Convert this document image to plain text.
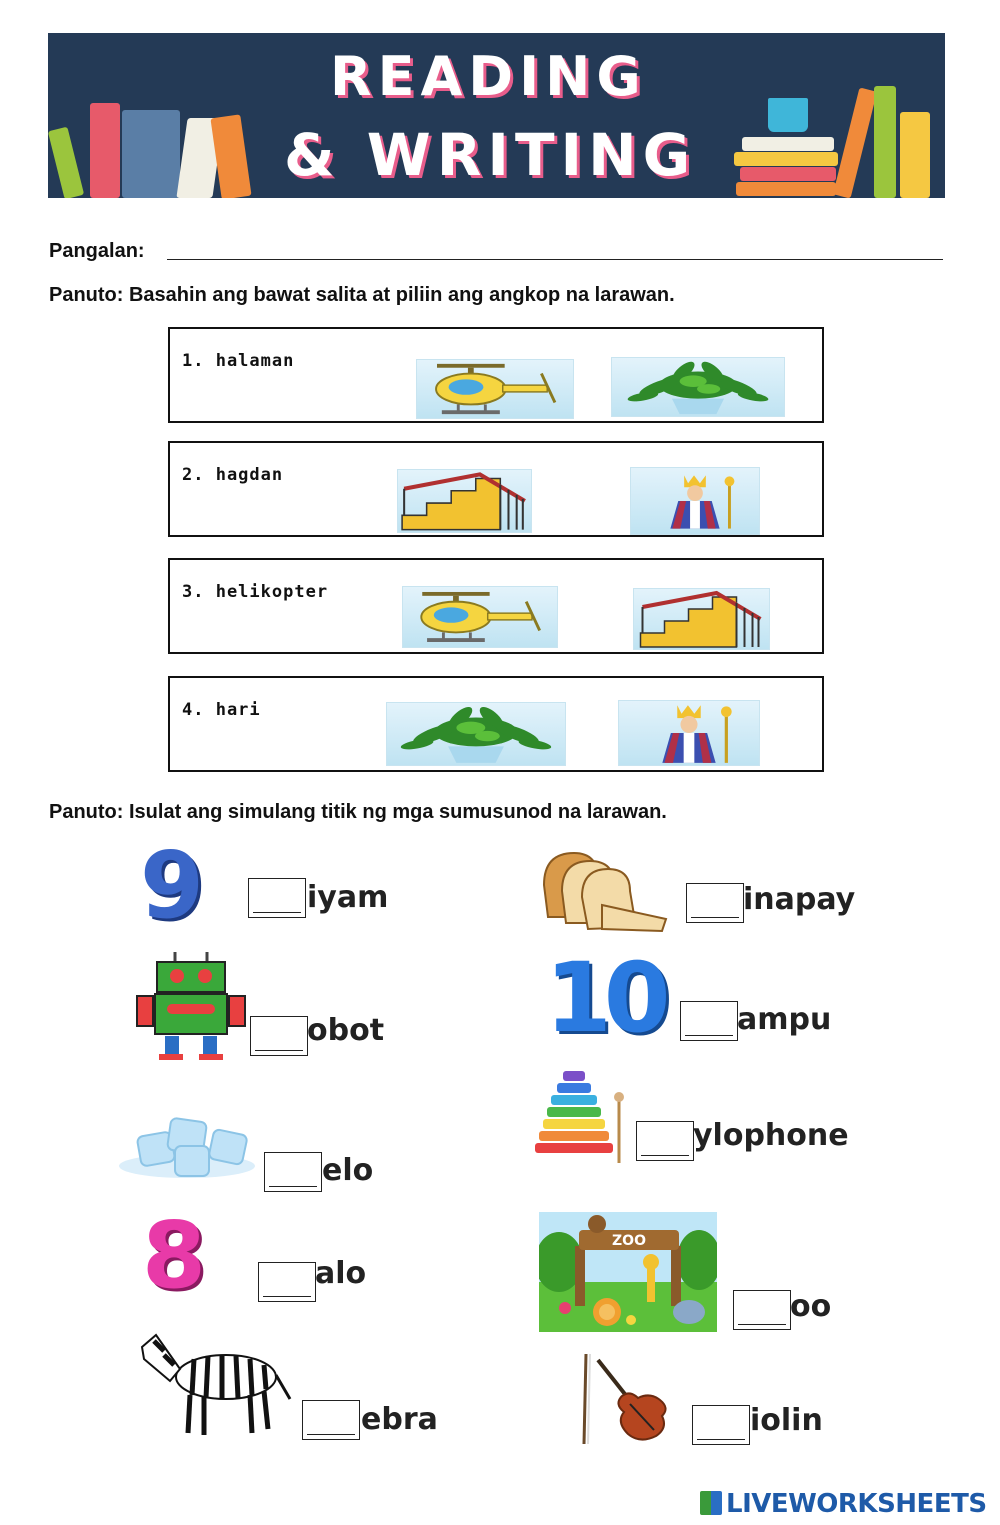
READING
& WRITING
Pangalan:
Panuto: Basahin ang bawat salita at piliin ang angkop na larawan.
1. halaman
2. hagdan
3. helikopter
4. hari
Panuto: Isulat ang simulang titik ng mga sumusunod na larawan.
9	iyam	inapay
obot 10 ampu
elo
ylophone
8	alo
ZOO
oo
ebra	iolin
LIVEWORKSHEETS
